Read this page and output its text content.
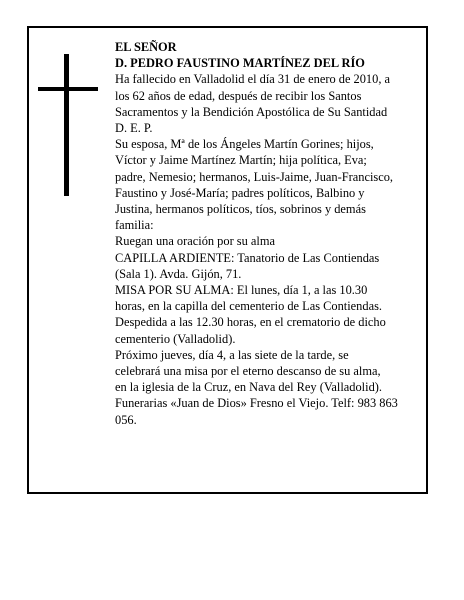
EL SEÑOR
D. PEDRO FAUSTINO MARTÍNEZ DEL RÍO
Ha fallecido en Valladolid el día 31 de enero de 2010, a
los 62 años de edad, después de recibir los Santos
Sacramentos y la Bendición Apostólica de Su Santidad
D. E. P.
Su esposa, Mª de los Ángeles Martín Gorines; hijos,
Víctor y Jaime Martínez Martín; hija política, Eva;
padre, Nemesio; hermanos, Luis-Jaime, Juan-Francisco,
Faustino y José-María; padres políticos, Balbino y
Justina, hermanos políticos, tíos, sobrinos y demás
familia:
Ruegan una oración por su alma
CAPILLA ARDIENTE: Tanatorio de Las Contiendas
(Sala 1). Avda. Gijón, 71.
MISA POR SU ALMA: El lunes, día 1, a las 10.30
horas, en la capilla del cementerio de Las Contiendas.
Despedida a las 12.30 horas, en el crematorio de dicho
cementerio (Valladolid).
Próximo jueves, día 4, a las siete de la tarde, se
celebrará una misa por el eterno descanso de su alma,
en la iglesia de la Cruz, en Nava del Rey (Valladolid).
Funerarias «Juan de Dios» Fresno el Viejo. Telf: 983 863
056.
